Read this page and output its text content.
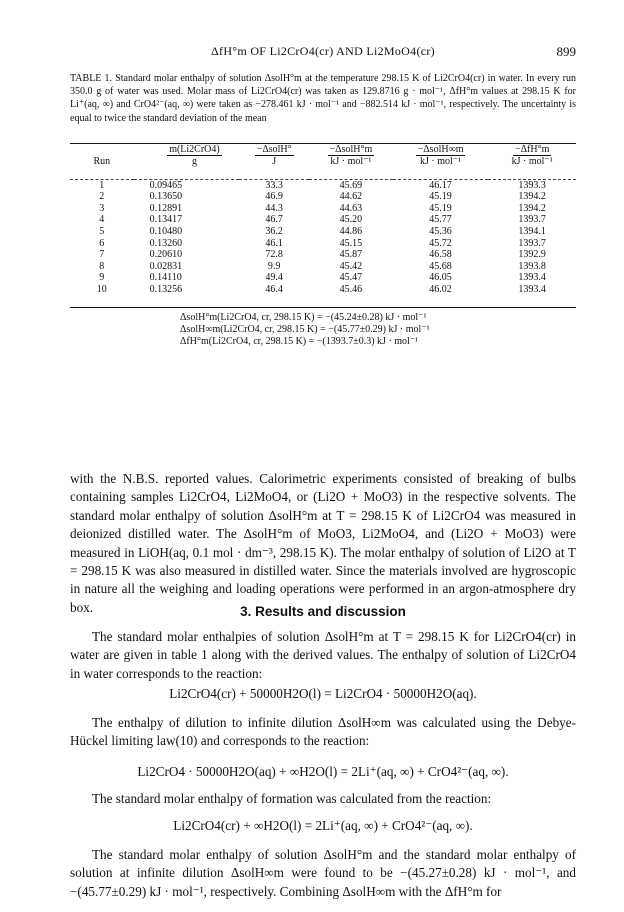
ΔfH°m OF Li2CrO4(cr) AND Li2MoO4(cr)	899
TABLE 1. Standard molar enthalpy of solution ΔsolH°m at the temperature 298.15 K of Li2CrO4(cr) in water. In every run 350.0 g of water was used. Molar mass of Li2CrO4(cr) was taken as 129.8716 g · mol⁻¹, ΔfH°m values at 298.15 K for Li⁺(aq, ∞) and CrO4²⁻(aq, ∞) were taken as −278.461 kJ · mol⁻¹ and −882.514 kJ · mol⁻¹, respectively. The uncertainty is equal to twice the standard deviation of the mean
Run	m(Li2CrO4)	−ΔsolH°	−ΔsolH°m	−ΔsolH∞m	−ΔfH°m
	g	J	kJ · mol⁻¹	kJ · mol⁻¹	kJ · mol⁻¹

1	0.09465	33.3	45.69	46.17	1393.3
2	0.13650	46.9	44.62	45.19	1394.2
3	0.12891	44.3	44.63	45.19	1394.2
4	0.13417	46.7	45.20	45.77	1393.7
5	0.10480	36.2	44.86	45.36	1394.1
6	0.13260	46.1	45.15	45.72	1393.7
7	0.20610	72.8	45.87	46.58	1392.9
8	0.02831	9.9	45.42	45.68	1393.8
9	0.14110	49.4	45.47	46.05	1393.4
10	0.13256	46.4	45.46	46.02	1393.4

ΔsolH°m(Li2CrO4, cr, 298.15 K) = −(45.24±0.28) kJ · mol⁻¹
ΔsolH∞m(Li2CrO4, cr, 298.15 K) = −(45.77±0.29) kJ · mol⁻¹
ΔfH°m(Li2CrO4, cr, 298.15 K) = −(1393.7±0.3) kJ · mol⁻¹
with the N.B.S. reported values. Calorimetric experiments consisted of breaking of bulbs containing samples Li2CrO4, Li2MoO4, or (Li2O + MoO3) in the respective solvents. The standard molar enthalpy of solution ΔsolH°m at T = 298.15 K of Li2CrO4 was measured in deionized distilled water. The ΔsolH°m of MoO3, Li2MoO4, and (Li2O + MoO3) were measured in LiOH(aq, 0.1 mol · dm⁻³, 298.15 K). The molar enthalpy of solution of Li2O at T = 298.15 K was also measured in distilled water. Since the materials involved are hygroscopic in nature all the weighing and loading operations were performed in an argon-atmosphere dry box.	3. Results and discussion
The standard molar enthalpies of solution ΔsolH°m at T = 298.15 K for Li2CrO4(cr) in water are given in table 1 along with the derived values. The enthalpy of solution of Li2CrO4 in water corresponds to the reaction:
Li2CrO4(cr) + 50000H2O(l) = Li2CrO4 · 50000H2O(aq).
The enthalpy of dilution to infinite dilution ΔsolH∞m was calculated using the Debye-Hückel limiting law(10) and corresponds to the reaction:
Li2CrO4 · 50000H2O(aq) + ∞H2O(l) = 2Li⁺(aq, ∞) + CrO4²⁻(aq, ∞).
The standard molar enthalpy of formation was calculated from the reaction:
Li2CrO4(cr) + ∞H2O(l) = 2Li⁺(aq, ∞) + CrO4²⁻(aq, ∞).
The standard molar enthalpy of solution ΔsolH°m and the standard molar enthalpy of solution at infinite dilution ΔsolH∞m were found to be −(45.27±0.28) kJ · mol⁻¹, and −(45.77±0.29) kJ · mol⁻¹, respectively. Combining ΔsolH∞m with the ΔfH°m for
